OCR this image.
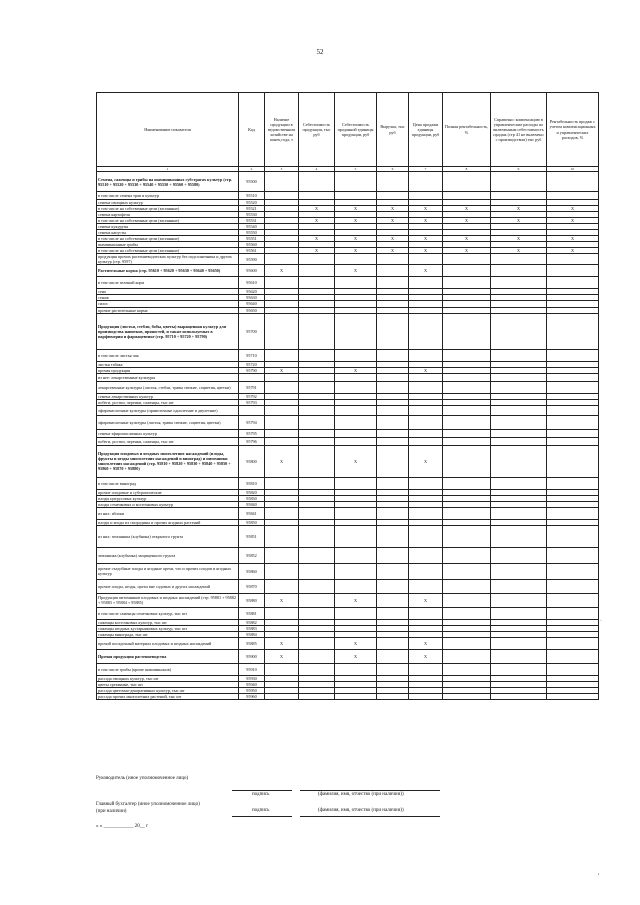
52
Наименование показателя	Код	Наличие продукции в ведомственном хозяйстве на конец года, т	Себестоимость продукции, тыс руб	Себестоимость проданной единицы продукции, руб	Выручка, тыс руб	Цена продажи единицы продукции, руб	Полная рентабельность, %	Справочно: компенсацию в управленческие расходы по включенным себестоимость продаж (стр 41 не включено с производством) тыс руб	Рентабельность продаж с учетом компенсационных и управленческих расходов, %
1	2	3	4	5	6	7	8	9	10
Семена, саженцы и грибы на шампиньонных субстратах культур (стр. 95510 + 95520 + 95530 + 95540 + 95550 + 95560 + 95580)	95500								
в том числе семена трав и культур	95510								
семена овощных культур	95520								
в том числе на собственные цели (засеянные)	95521		X	X	X	X	X	X	X
семена картофеля	95530								
в том числе на собственные цели (засеянные)	95531		X	X	X	X	X	X	X
семена кукурузы	95540								
семена капусты	95550								
в том числе на собственные цели (засеянные)	95551		X	X	X	X	X	X	X
шампиньонные грибы	95560								
в том числе на собственные цели (засеянные)	95561		X	X	X	X	X	X	X
продукция прочих растениеводческих культур без подсолнечника и других культур (стр. 9597)	95590								
Растительные корма (стр. 95610 + 95620 + 95630 + 95640 + 95650)	95600	X		X		X			
в том числе зеленый корм	95610								
сено	95620								
сенаж	95630								
силос	95640								
прочие растительные корма	95650								
Продукция (листья, стебли, бобы, цветы) выращенная культур для производства напитков, пряностей, и также используемых в парфюмерии и фармацевтике (стр. 95710 + 95720 + 95790)	95700								
в том числе листья чая	95710								
листья табака	95720								
прочая продукция	95790	X		X		X			
из нее: лекарственные культуры									
лекарственные культуры (листья, стебли, травы свежие, соцветия, цветки)	95791								
семена лекарственных культур	95792								
побеги, ростки, черенки, саженцы, тыс шт	95793								
эфиромасличные культуры (прямоточные однолетние и двулетние)									
эфиромасличные культуры (листья, травы свежие, соцветия, цветки)	95794								
семена эфиромасличных культур	95795								
побеги, ростки, черенки, саженцы, тыс шт	95796								
Продукция плодовых и ягодных многолетних насаждений (плоды, фрукты и ягоды многолетних насаждений и виноград) и питомники многолетних насаждений (стр. 95810 + 95820 + 95830 + 95840 + 95850 + 95860 + 95870 + 95880)	95800	X		X		X			
в том числе виноград	95810								
прочие плодовые и субтропические	95820								
плоды цитрусовых культур	95830								
плоды семечковых и косточковых культур	95840								
из них: яблоки	95841								
плоды и ягоды из смородины и прочих ягодных растений	95850								
из них: земляника (клубника) открытого грунта	95851								
земляника (клубника) защищенного грунта	95852								
прочие съедобные плоды и ягодные орехи, что и прочих плодов и ягодных культур	95860								
прочие плоды, ягоды, орехи вне садовых и других насаждений	95870								
Продукция питомников плодовых и ягодных насаждений (стр. 95881 + 95882 + 95883 + 95884 + 95885)	95880	X		X		X			
в том числе саженцы семечковых культур, тыс шт	95881								
саженцы косточковых культур, тыс шт	95882								
саженцы ягодных кустарниковых культур, тыс шт	95883								
саженцы винограда, тыс шт	95884								
прочий посадочный материал плодовых и ягодных насаждений	95885	X		X		X			
Прочая продукция растениеводства	95900	X		X		X			
в том числе грибы (кроме шампиньонов)	95910								
рассада овощных культур, тыс шт	95930								
цветы срезанные, тыс шт	95940								
рассада цветочно-декоративных культур, тыс шт	95950								
рассада прочих многолетних растений, тыс шт	95960								
Руководитель (иное уполномоченное лицо)
подпись	(фамилия, имя, отчество (при наличии))
Главный бухгалтер (иное уполномоченное лицо)
(при наличии)	подпись	(фамилия, имя, отчество (при наличии))
« » ____________ 20__ г
·
,
